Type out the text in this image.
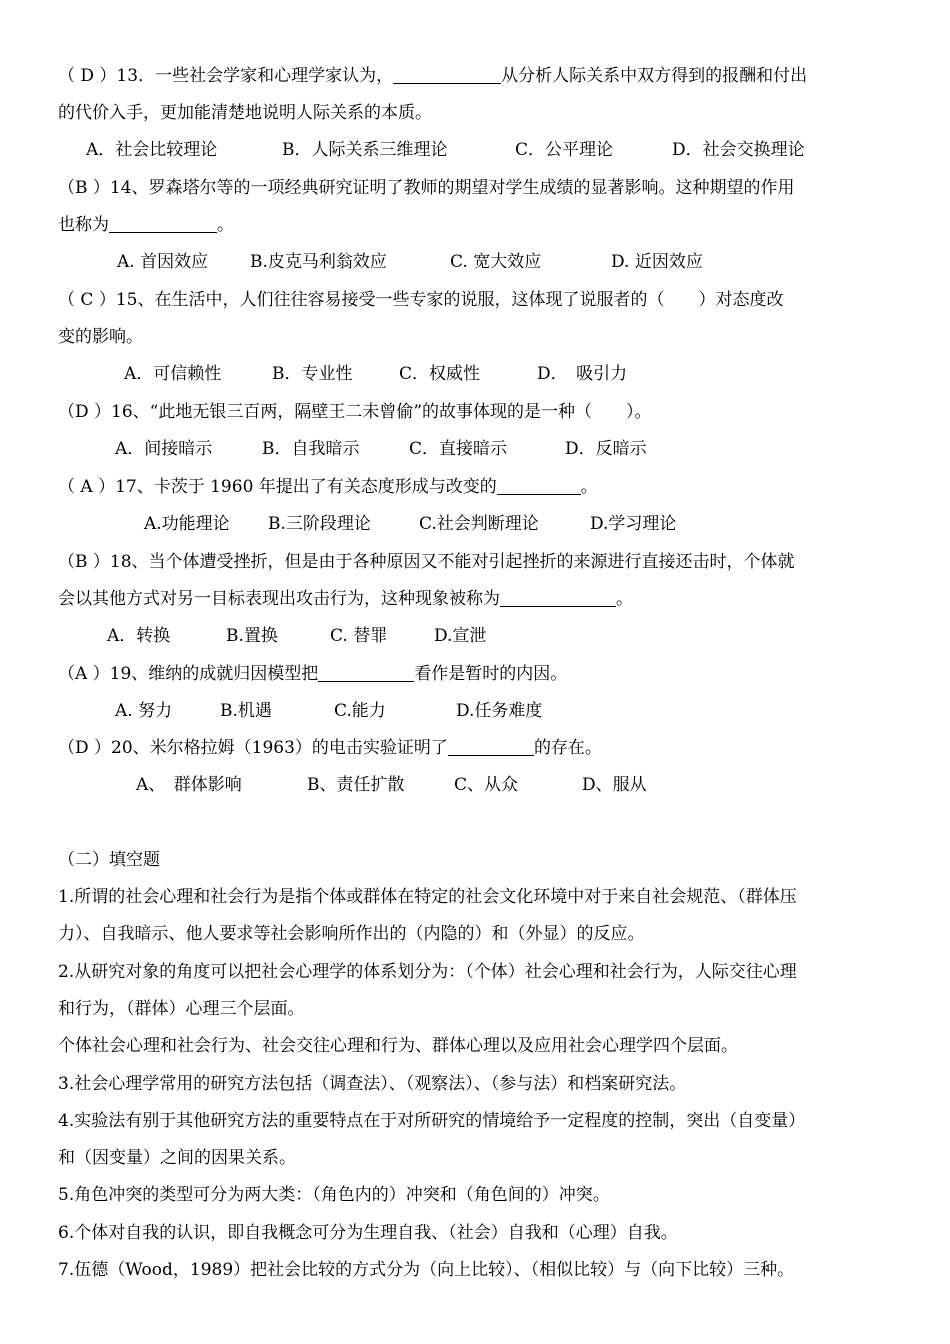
（ D ）13．一些社会学家和心理学家认为，	从分析人际关系中双方得到的报酬和付出
的代价入手，更加能清楚地说明人际关系的本质。
A．社会比较理论	B．人际关系三维理论	C．公平理论	D．社会交换理论
（B ）14、罗森塔尔等的一项经典研究证明了教师的期望对学生成绩的显著影响。这种期望的作用
也称为	。
A. 首因效应 B.皮克马利翁效应	C. 宽大效应	D. 近因效应
（ C ）15、在生活中，人们往往容易接受一些专家的说服，这体现了说服者的（　　）对态度改
变的影响。
A．可信赖性	B．专业性	C．权威性	D．　吸引力
（D ）16、“此地无银三百两，隔壁王二未曾偷”的故事体现的是一种（　　）。
A．间接暗示	B．自我暗示	C．直接暗示	D．反暗示
（ A ）17、卡茨于 1960 年提出了有关态度形成与改变的	。
A.功能理论 B.三阶段理论	C.社会判断理论	D.学习理论
（B ）18、当个体遭受挫折，但是由于各种原因又不能对引起挫折的来源进行直接还击时，个体就
会以其他方式对另一目标表现出攻击行为，这种现象被称为	。
A．转换	B.置换	C. 替罪	D.宣泄
（A ）19、维纳的成就归因模型把	看作是暂时的内因。
A. 努力	B.机遇	C.能力	D.任务难度
（D ）20、米尔格拉姆（1963）的电击实验证明了	的存在。
A、　群体影响	B、责任扩散	C、从众	D、服从
（二）填空题
1.所谓的社会心理和社会行为是指个体或群体在特定的社会文化环境中对于来自社会规范、（群体压
力）、自我暗示、他人要求等社会影响所作出的（内隐的）和（外显）的反应。
2.从研究对象的角度可以把社会心理学的体系划分为：（个体）社会心理和社会行为，人际交往心理
和行为，（群体）心理三个层面。
个体社会心理和社会行为、社会交往心理和行为、群体心理以及应用社会心理学四个层面。
3.社会心理学常用的研究方法包括（调查法）、（观察法）、（参与法）和档案研究法。
4.实验法有别于其他研究方法的重要特点在于对所研究的情境给予一定程度的控制，突出（自变量）
和（因变量）之间的因果关系。
5.角色冲突的类型可分为两大类：（角色内的）冲突和（角色间的）冲突。
6.个体对自我的认识，即自我概念可分为生理自我、（社会）自我和（心理）自我。
7.伍德（Wood，1989）把社会比较的方式分为（向上比较）、（相似比较）与（向下比较）三种。
